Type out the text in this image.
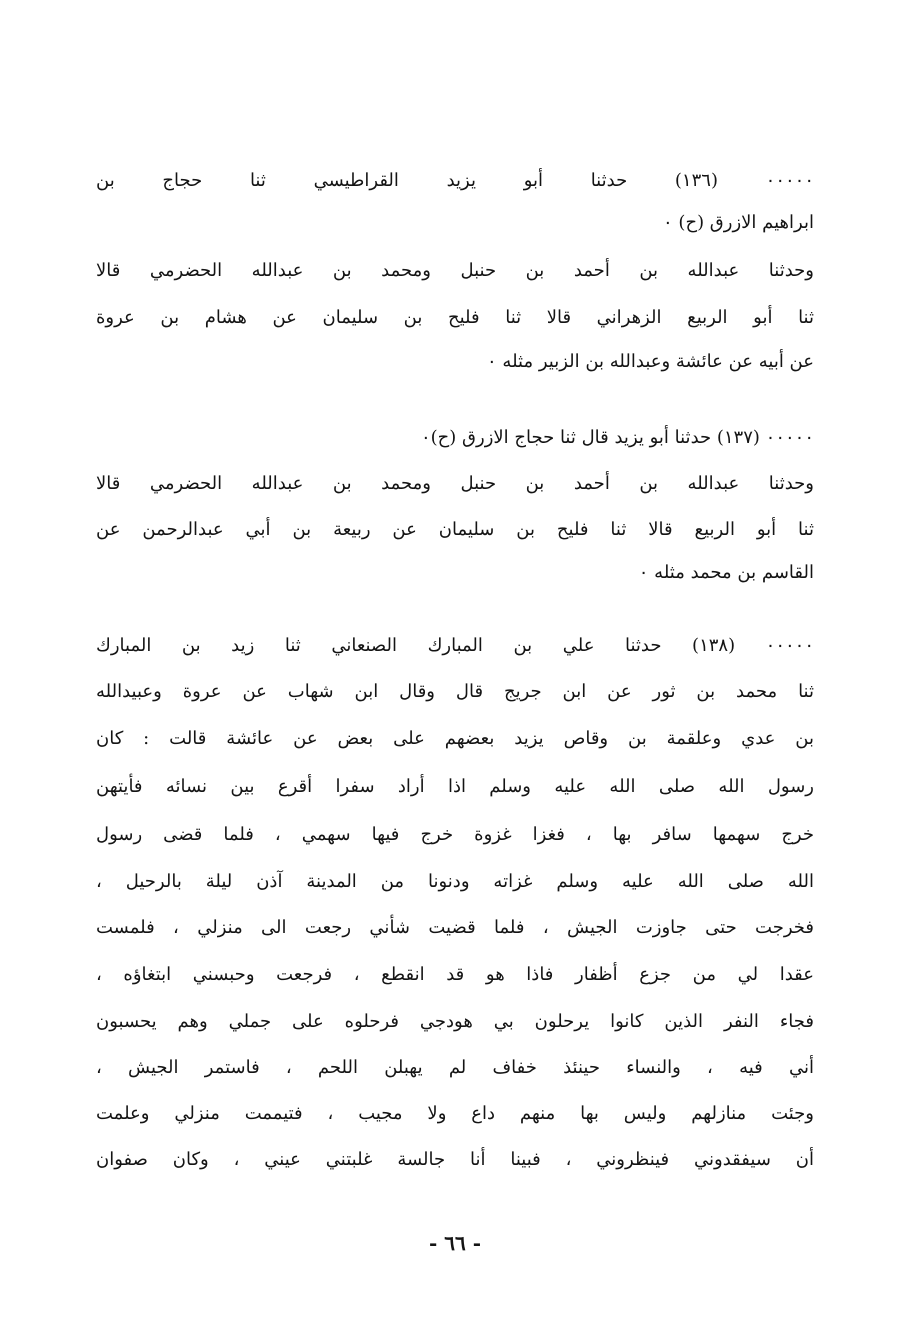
٠٠٠٠٠ (١٣٦) حدثنا أبو يزيد القراطيسي ثنا حجاج بن
ابراهيم الازرق (ح) ٠
وحدثنا عبدالله بن أحمد بن حنبل ومحمد بن عبدالله الحضرمي قالا
ثنا أبو الربيع الزهراني قالا ثنا فليح بن سليمان عن هشام بن عروة
عن أبيه عن عائشة وعبدالله بن الزبير مثله ٠
٠٠٠٠٠ (١٣٧) حدثنا أبو يزيد قال ثنا حجاج الازرق (ح)٠
وحدثنا عبدالله بن أحمد بن حنبل ومحمد بن عبدالله الحضرمي قالا
ثنا أبو الربيع قالا ثنا فليح بن سليمان عن ربيعة بن أبي عبدالرحمن عن
القاسم بن محمد مثله ٠
٠٠٠٠٠ (١٣٨) حدثنا علي بن المبارك الصنعاني ثنا زيد بن المبارك
ثنا محمد بن ثور عن ابن جريج قال وقال ابن شهاب عن عروة وعبيدالله
بن عدي وعلقمة بن وقاص يزيد بعضهم على بعض عن عائشة قالت : كان
رسول الله صلى الله عليه وسلم اذا أراد سفرا أقرع بين نسائه فأيتهن
خرج سهمها سافر بها ، فغزا غزوة خرج فيها سهمي ، فلما قضى رسول
الله صلى الله عليه وسلم غزاته ودنونا من المدينة آذن ليلة بالرحيل ،
فخرجت حتى جاوزت الجيش ، فلما قضيت شأني رجعت الى منزلي ، فلمست
عقدا لي من جزع أظفار فاذا هو قد انقطع ، فرجعت وحبسني ابتغاؤه ،
فجاء النفر الذين كانوا يرحلون بي هودجي فرحلوه على جملي وهم يحسبون
أني فيه ، والنساء حينئذ خفاف لم يهبلن اللحم ، فاستمر الجيش ،
وجئت منازلهم وليس بها منهم داع ولا مجيب ، فتيممت منزلي وعلمت
أن سيفقدوني فينظروني ، فبينا أنا جالسة غلبتني عيني ، وكان صفوان
- ٦٦ -
